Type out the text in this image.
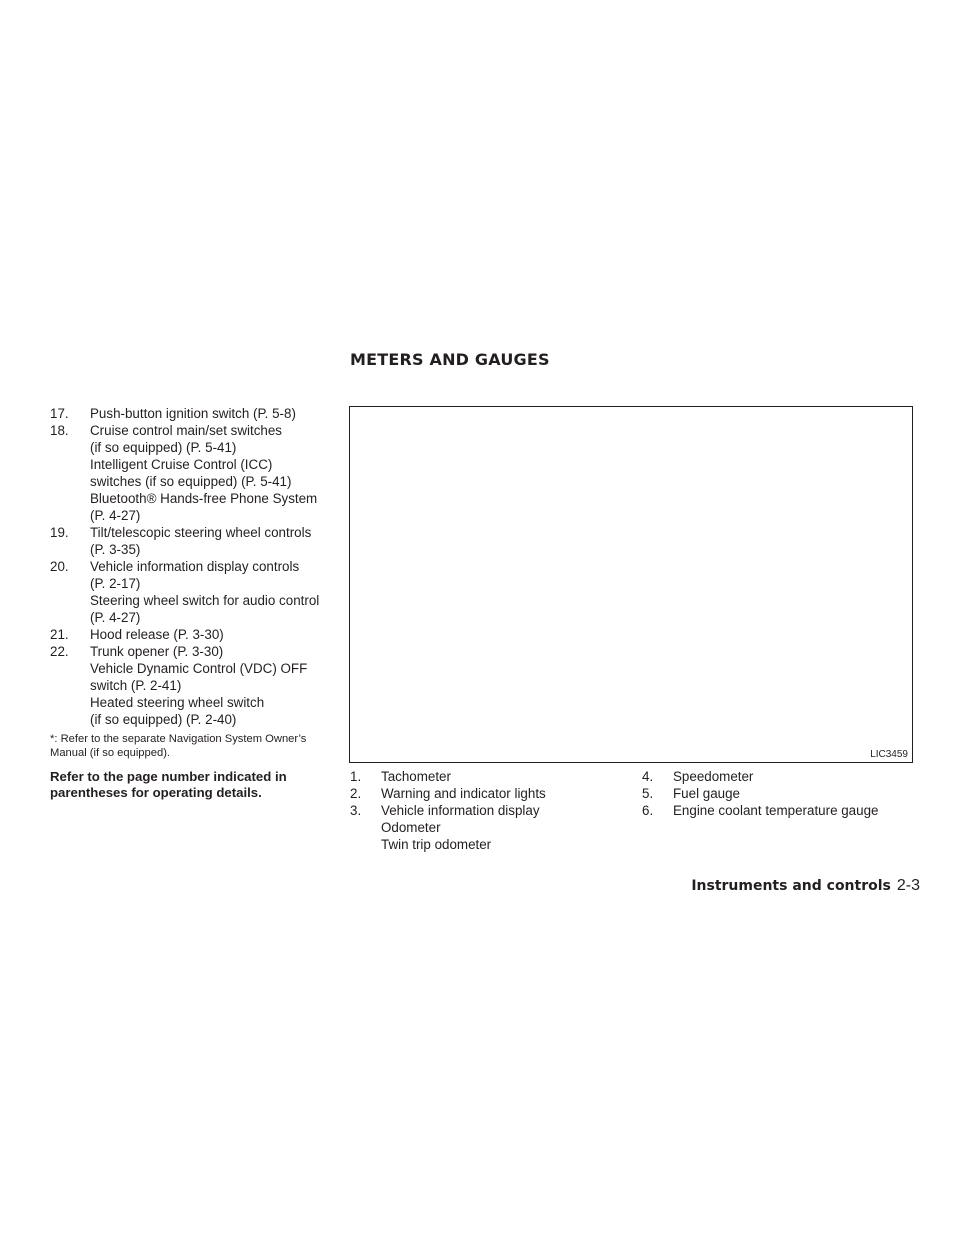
METERS AND GAUGES
17.	Push-button ignition switch (P. 5-8)
18.	Cruise control main/set switches
(if so equipped) (P. 5-41)
Intelligent Cruise Control (ICC)
switches (if so equipped) (P. 5-41)
Bluetooth® Hands-free Phone System
(P. 4-27)
19.	Tilt/telescopic steering wheel controls
(P. 3-35)
20.	Vehicle information display controls
(P. 2-17)
Steering wheel switch for audio control
(P. 4-27)
21.	Hood release (P. 3-30)
22.	Trunk opener (P. 3-30)
Vehicle Dynamic Control (VDC) OFF
switch (P. 2-41)
Heated steering wheel switch
(if so equipped) (P. 2-40)
*: Refer to the separate Navigation System Owner’s Manual (if so equipped).
Refer to the page number indicated in parentheses for operating details.
LIC3459
1.	Tachometer
2.	Warning and indicator lights
3.	Vehicle information display
Odometer
Twin trip odometer
4.	Speedometer
5.	Fuel gauge
6.	Engine coolant temperature gauge
Instruments and controls 2-3
